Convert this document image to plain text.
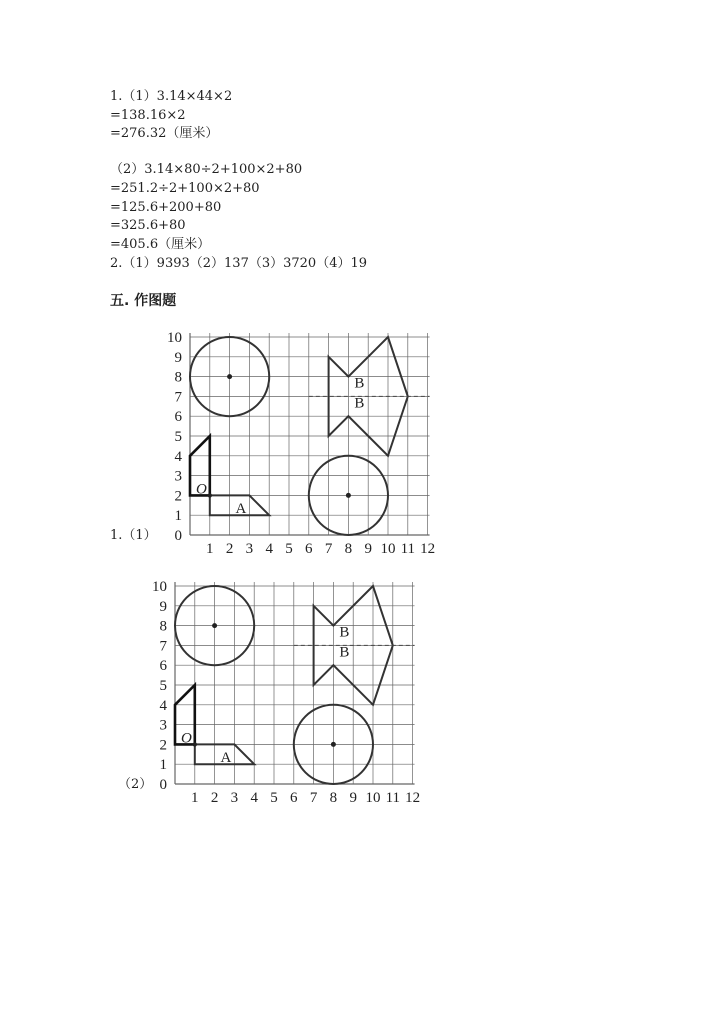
1.（1）3.14×44×2
=138.16×2
=276.32（厘米）
（2）3.14×80÷2+100×2+80
=251.2÷2+100×2+80
=125.6+200+80
=325.6+80
=405.6（厘米）
2.（1）9393（2）137（3）3720（4）19
五. 作图题
1.（1）
1 2 3 4 5 6 7 8 9 10 11 12
0
1
2
3
4
5
6
7
8
9
10
O
A
B
B
（2）
1 2 3 4 5 6 7 8 9 10 11 12
0
1
2
3
4
5
6
7
8
9
10
O
A
B
B
